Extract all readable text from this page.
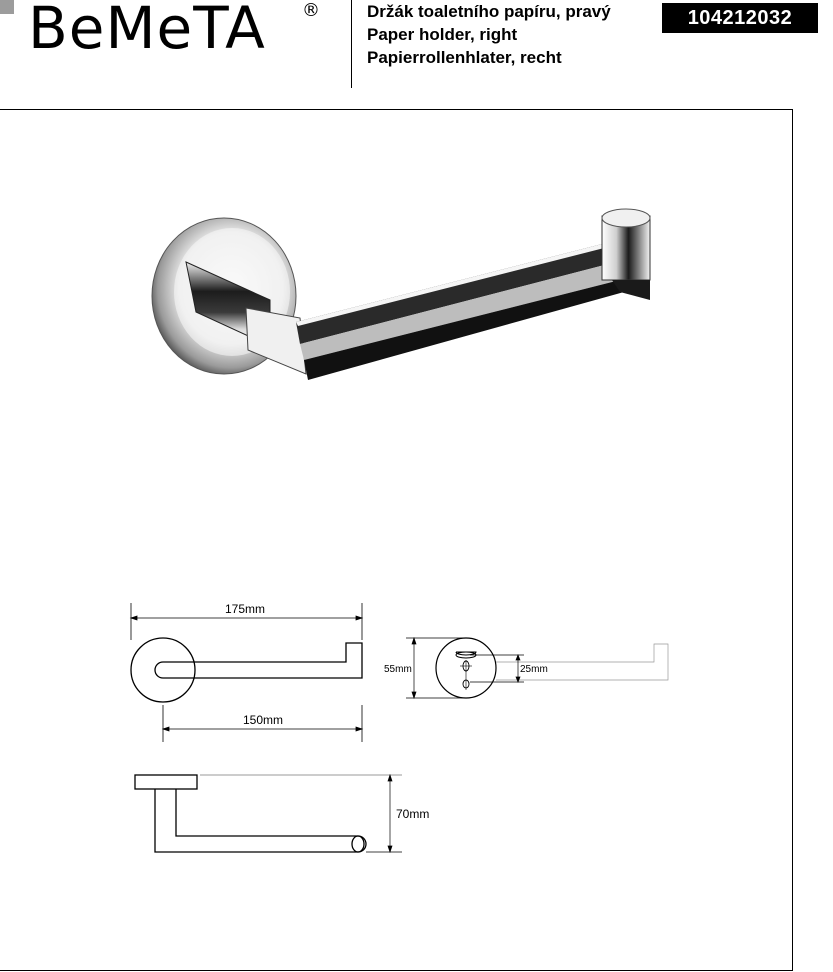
BeMeTA ®	Držák toaletního papíru, pravý
Paper holder, right
Papierrollenhlater, recht
104212032
175mm
150mm
55mm	25mm
70mm
